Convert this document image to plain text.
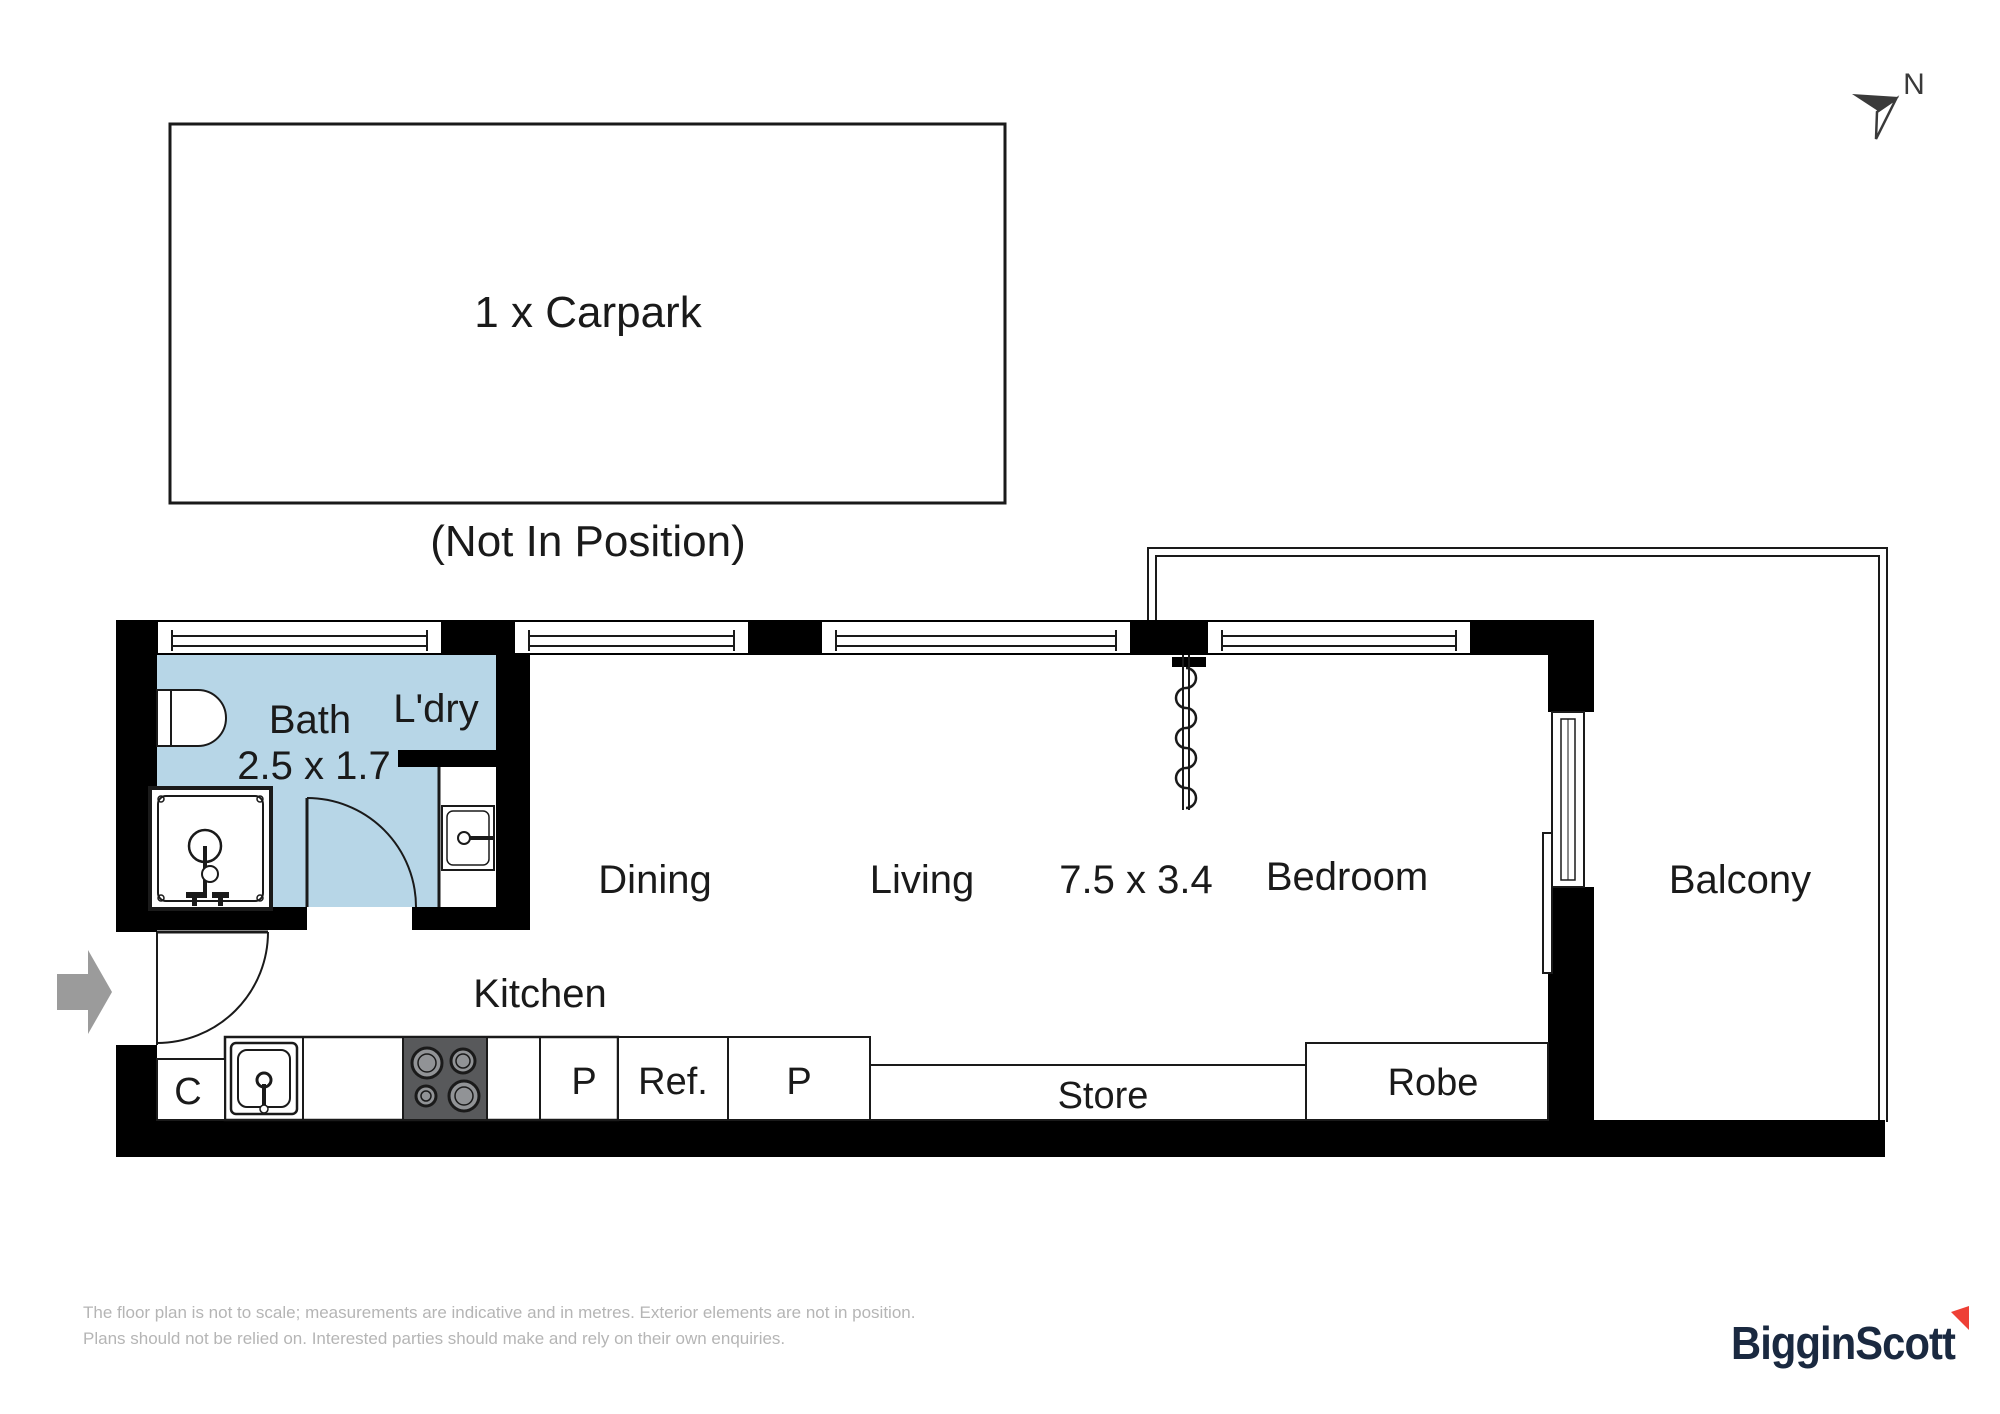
N
1 x Carpark
(Not In Position)
Bath
2.5 x 1.7
L'dry
Dining	Living 7.5 x 3.4 Bedroom	Balcony
Kitchen
Store	Robe
C	P Ref. P
The floor plan is not to scale; measurements are indicative and in metres. Exterior elements are not in position.
Plans should not be relied on. Interested parties should make and rely on their own enquiries.	BigginScott
